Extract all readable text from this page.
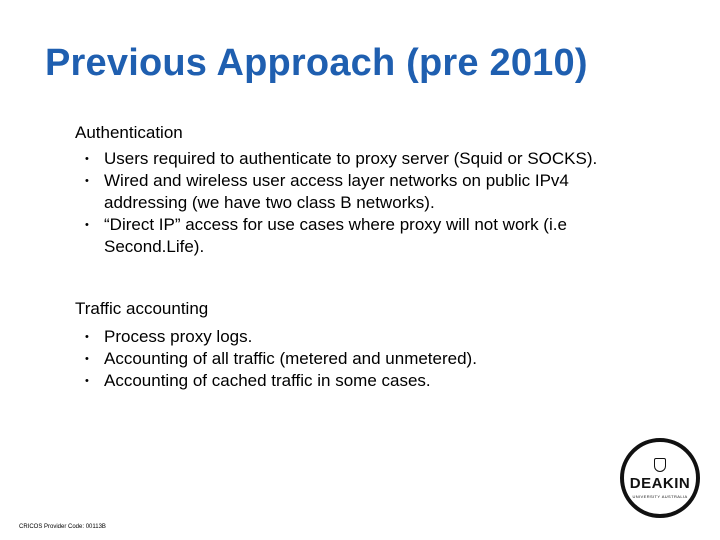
Previous Approach (pre 2010)
Authentication
• Users required to authenticate to proxy server (Squid or SOCKS).
• Wired and wireless user access layer networks on public IPv4 addressing (we have two class B networks).
• “Direct IP” access for use cases where proxy will not work (i.e Second.Life).
Traffic accounting
• Process proxy logs.
• Accounting of all traffic (metered and unmetered).
• Accounting of cached traffic in some cases.
CRICOS Provider Code: 00113B
DEAKIN
UNIVERSITY AUSTRALIA
